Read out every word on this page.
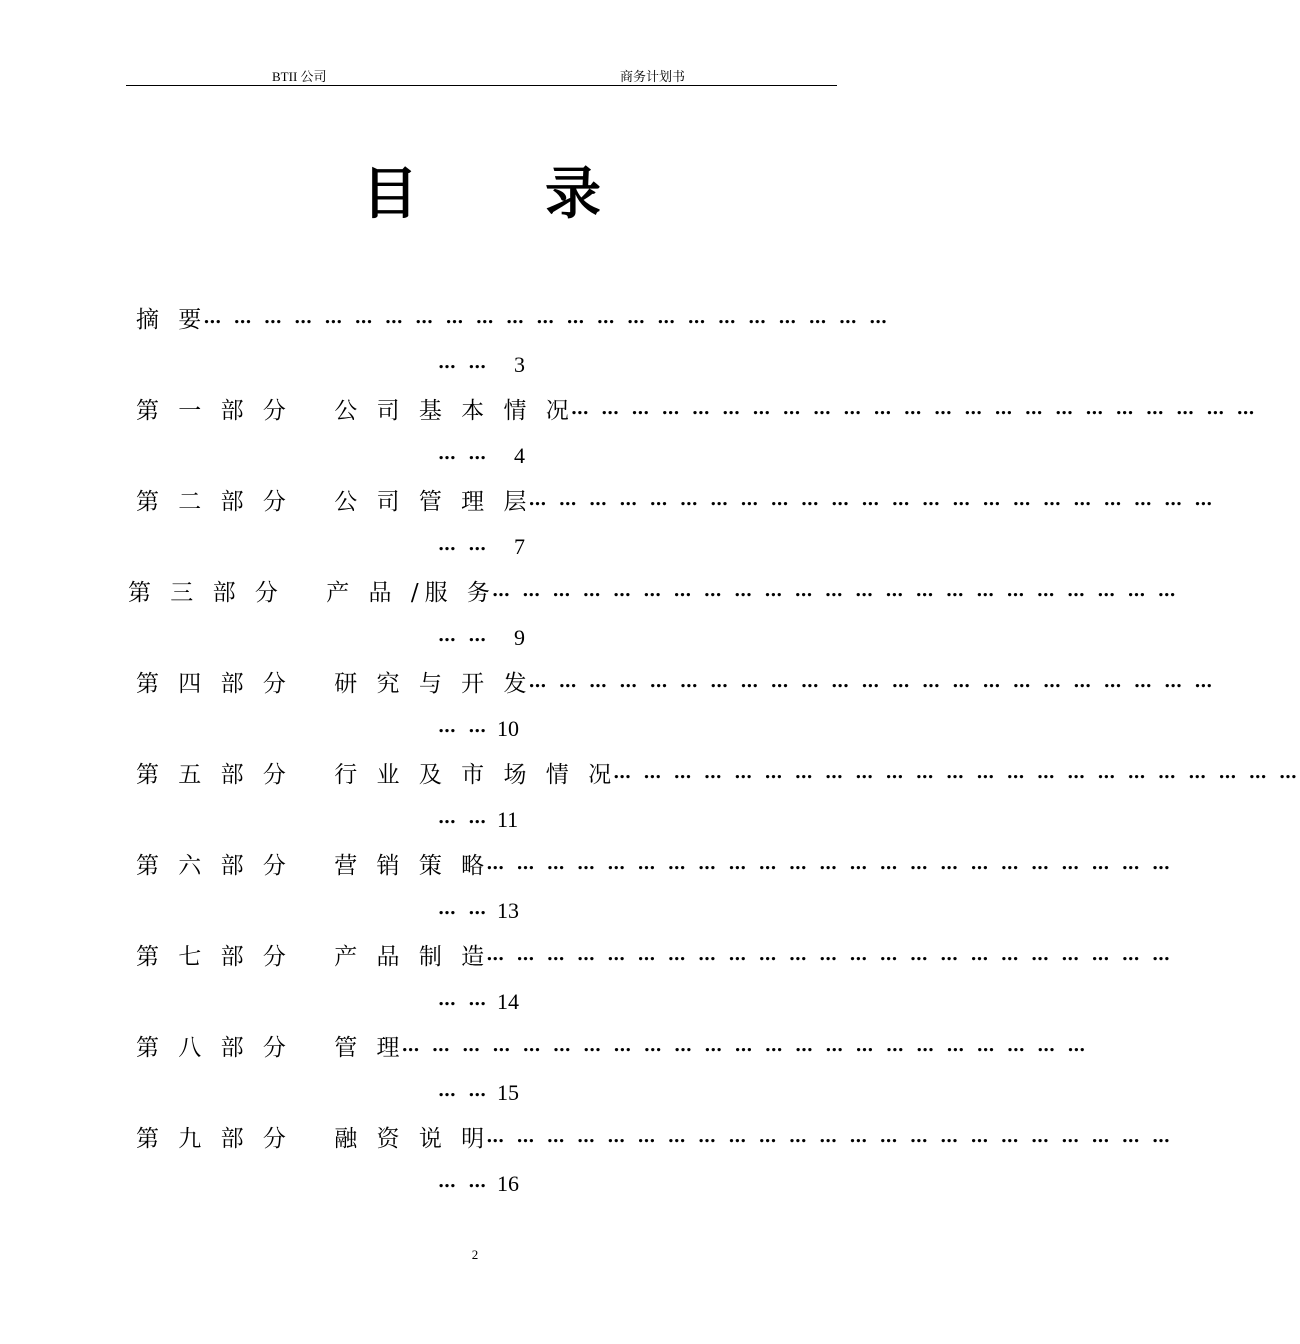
BTII 公司	商务计划书
目 录
摘 要
… … … … … … … … … … … … … … … … … … … … … … …
… … 3
第 一 部 分　 公 司 基 本 情 况
… … … … … … … … … … … … … … … … … … … … … … …
… … 4
第 二 部 分　 公 司 管 理 层
… … … … … … … … … … … … … … … … … … … … … … …
… … 7
第 三 部 分　 产 品 /服 务
… … … … … … … … … … … … … … … … … … … … … … …
… … 9
第 四 部 分　 研 究 与 开 发
… … … … … … … … … … … … … … … … … … … … … … …
… … 10
第 五 部 分　 行 业 及 市 场 情 况
… … … … … … … … … … … … … … … … … … … … … … …
… … 11
第 六 部 分　 营 销 策 略
… … … … … … … … … … … … … … … … … … … … … … …
… … 13
第 七 部 分　 产 品 制 造
… … … … … … … … … … … … … … … … … … … … … … …
… … 14
第 八 部 分　 管 理
… … … … … … … … … … … … … … … … … … … … … … …
… … 15
第 九 部 分　 融 资 说 明
… … … … … … … … … … … … … … … … … … … … … … …
… … 16
2
